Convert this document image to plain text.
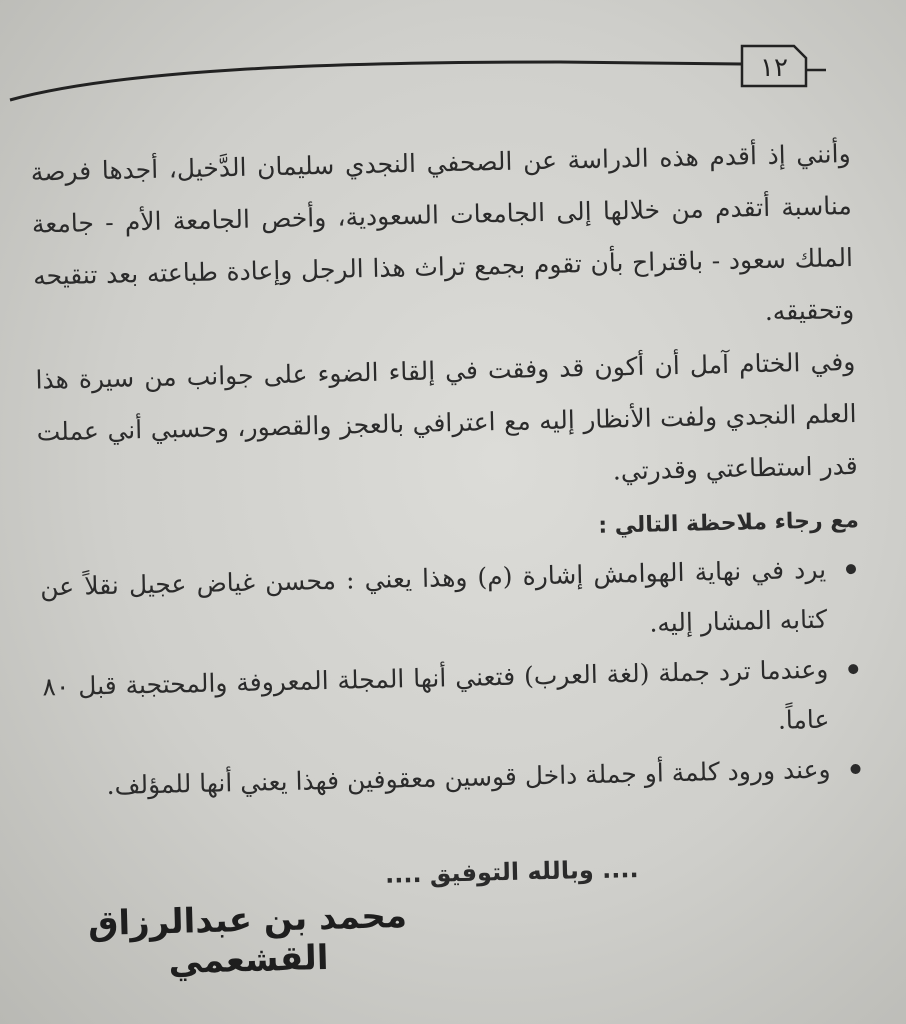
١٢

وأنني إذ أقدم هذه الدراسة عن الصحفي النجدي سليمان الدَّخيل، أجدها فرصة مناسبة أتقدم من خلالها إلى الجامعات السعودية، وأخص الجامعة الأم - جامعة الملك سعود - باقتراح بأن تقوم بجمع تراث هذا الرجل وإعادة طباعته بعد تنقيحه وتحقيقه.

وفي الختام آمل أن أكون قد وفقت في إلقاء الضوء على جوانب من سيرة هذا العلم النجدي ولفت الأنظار إليه مع اعترافي بالعجز والقصور، وحسبي أني عملت قدر استطاعتي وقدرتي.

مع رجاء ملاحظة التالي :

يرد في نهاية الهوامش إشارة (م) وهذا يعني : محسن غياض عجيل نقلاً عن كتابه المشار إليه.
وعندما ترد جملة (لغة العرب) فتعني أنها المجلة المعروفة والمحتجبة قبل ٨٠ عاماً.
وعند ورود كلمة أو جملة داخل قوسين معقوفين فهذا يعني أنها للمؤلف.

.... وبالله التوفيق ....

محمد بن عبدالرزاق القشعمي
